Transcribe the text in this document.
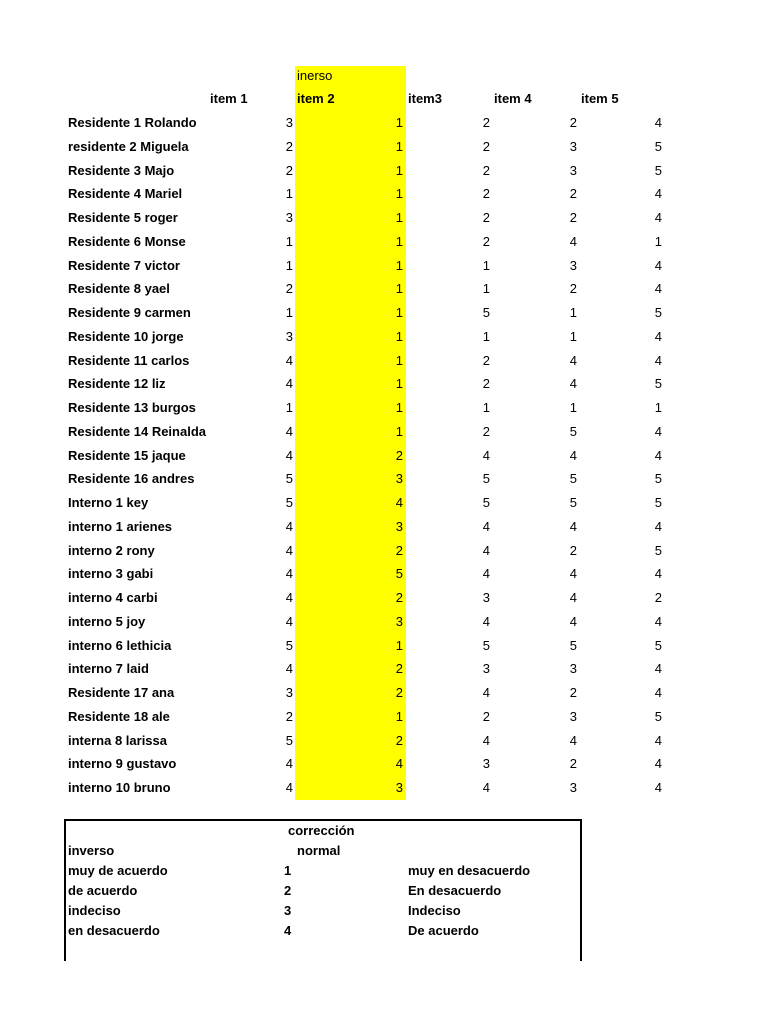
inerso
item 1	item 2	item3	item 4	item 5
Residente 1 Rolando	3	1	2	2	4
residente 2 Miguela	2	1	2	3	5
Residente 3 Majo	2	1	2	3	5
Residente 4 Mariel	1	1	2	2	4
Residente 5 roger	3	1	2	2	4
Residente 6 Monse	1	1	2	4	1
Residente 7 victor	1	1	1	3	4
Residente 8 yael	2	1	1	2	4
Residente 9 carmen	1	1	5	1	5
Residente 10 jorge	3	1	1	1	4
Residente 11 carlos	4	1	2	4	4
Residente 12 liz	4	1	2	4	5
Residente 13 burgos	1	1	1	1	1
Residente 14 Reinalda	4	1	2	5	4
Residente 15 jaque	4	2	4	4	4
Residente 16 andres	5	3	5	5	5
Interno 1 key	5	4	5	5	5
interno 1 arienes	4	3	4	4	4
interno 2 rony	4	2	4	2	5
interno 3 gabi	4	5	4	4	4
interno 4 carbi	4	2	3	4	2
interno 5 joy	4	3	4	4	4
interno 6 lethicia	5	1	5	5	5
interno 7 laid	4	2	3	3	4
Residente 17 ana	3	2	4	2	4
Residente 18 ale	2	1	2	3	5
interna 8 larissa	5	2	4	4	4
interno 9 gustavo	4	4	3	2	4
interno 10 bruno	4	3	4	3	4
corrección
inverso	normal
muy de acuerdo	1	muy en desacuerdo
de acuerdo	2	En desacuerdo
indeciso	3	Indeciso
en desacuerdo	4	De acuerdo
